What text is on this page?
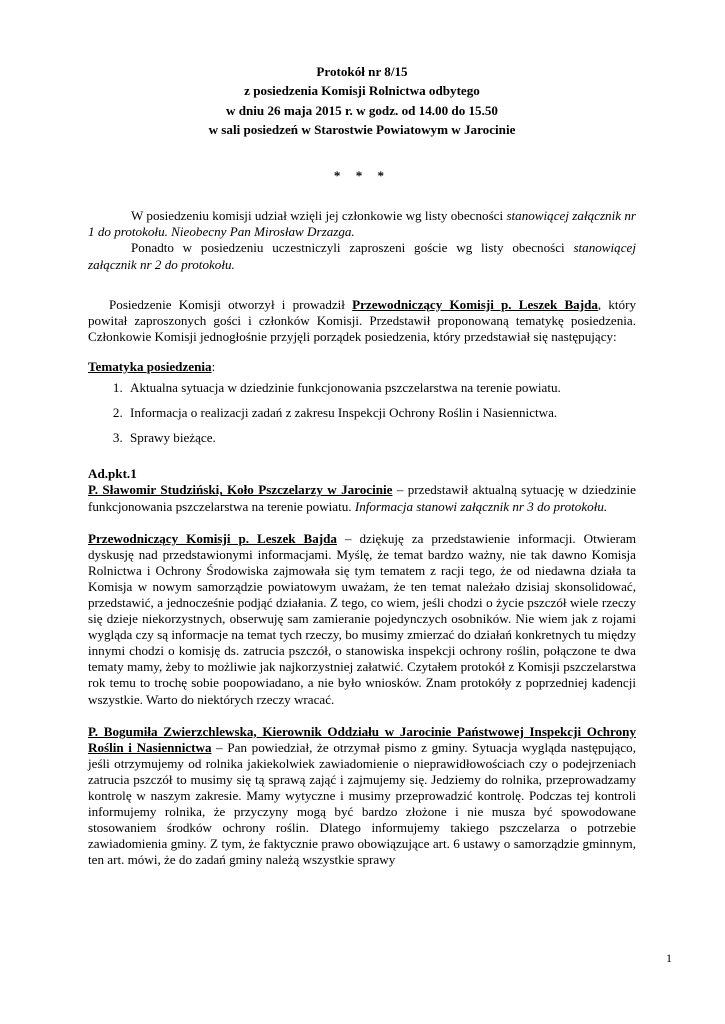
Protokół nr 8/15
z posiedzenia Komisji Rolnictwa odbytego
w dniu 26 maja 2015 r. w godz. od 14.00 do 15.50
w sali posiedzeń w Starostwie Powiatowym w Jarocinie
* * *

W posiedzeniu komisji udział wzięli jej członkowie wg listy obecności stanowiącej załącznik nr 1 do protokołu. Nieobecny Pan Mirosław Drzazga.

Ponadto w posiedzeniu uczestniczyli zaproszeni goście wg listy obecności stanowiącej załącznik nr 2 do protokołu.

Posiedzenie Komisji otworzył i prowadził Przewodniczący Komisji p. Leszek Bajda, który powitał zaproszonych gości i członków Komisji. Przedstawił proponowaną tematykę posiedzenia. Członkowie Komisji jednogłośnie przyjęli porządek posiedzenia, który przedstawiał się następujący:

Tematyka posiedzenia:

1. Aktualna sytuacja w dziedzinie funkcjonowania pszczelarstwa na terenie powiatu.
2. Informacja o realizacji zadań z zakresu Inspekcji Ochrony Roślin i Nasiennictwa.
3. Sprawy bieżące.

Ad.pkt.1

P. Sławomir Studziński, Koło Pszczelarzy w Jarocinie – przedstawił aktualną sytuację w dziedzinie funkcjonowania pszczelarstwa na terenie powiatu. Informacja stanowi załącznik nr 3 do protokołu.

Przewodniczący Komisji p. Leszek Bajda – dziękuję za przedstawienie informacji. Otwieram dyskusję nad przedstawionymi informacjami. Myślę, że temat bardzo ważny, nie tak dawno Komisja Rolnictwa i Ochrony Środowiska zajmowała się tym tematem z racji tego, że od niedawna działa ta Komisja w nowym samorządzie powiatowym uważam, że ten temat należało dzisiaj skonsolidować, przedstawić, a jednocześnie podjąć działania. Z tego, co wiem, jeśli chodzi o życie pszczół wiele rzeczy się dzieje niekorzystnych, obserwuję sam zamieranie pojedynczych osobników. Nie wiem jak z rojami wygląda czy są informacje na temat tych rzeczy, bo musimy zmierzać do działań konkretnych tu między innymi chodzi o komisję ds. zatrucia pszczół, o stanowiska inspekcji ochrony roślin, połączone te dwa tematy mamy, żeby to możliwie jak najkorzystniej załatwić. Czytałem protokół z Komisji pszczelarstwa rok temu to trochę sobie poopowiadano, a nie było wniosków. Znam protokóły z poprzedniej kadencji wszystkie. Warto do niektórych rzeczy wracać.

P. Bogumiła Zwierzchlewska, Kierownik Oddziału w Jarocinie Państwowej Inspekcji Ochrony Roślin i Nasiennictwa – Pan powiedział, że otrzymał pismo z gminy. Sytuacja wygląda następująco, jeśli otrzymujemy od rolnika jakiekolwiek zawiadomienie o nieprawidłowościach czy o podejrzeniach zatrucia pszczół to musimy się tą sprawą zająć i zajmujemy się. Jedziemy do rolnika, przeprowadzamy kontrolę w naszym zakresie. Mamy wytyczne i musimy przeprowadzić kontrolę. Podczas tej kontroli informujemy rolnika, że przyczyny mogą być bardzo złożone i nie musza być spowodowane stosowaniem środków ochrony roślin. Dlatego informujemy takiego pszczelarza o potrzebie zawiadomienia gminy. Z tym, że faktycznie prawo obowiązujące art. 6 ustawy o samorządzie gminnym, ten art. mówi, że do zadań gminy należą wszystkie sprawy

1
